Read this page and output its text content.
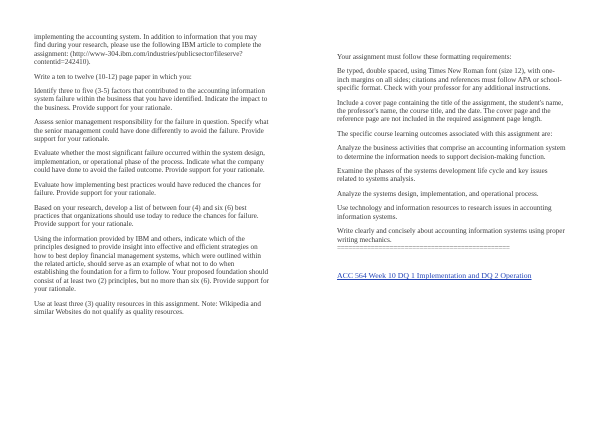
implementing the accounting system. In addition to information that you may find during your research, please use the following IBM article to complete the assignment: (http://www-304.ibm.com/industries/publicsector/fileserve?contentid=242410).

Write a ten to twelve (10-12) page paper in which you:

Identify three to five (3-5) factors that contributed to the accounting information system failure within the business that you have identified. Indicate the impact to the business. Provide support for your rationale.

Assess senior management responsibility for the failure in question. Specify what the senior management could have done differently to avoid the failure. Provide support for your rationale.

Evaluate whether the most significant failure occurred within the system design, implementation, or operational phase of the process. Indicate what the company could have done to avoid the failed outcome. Provide support for your rationale.

Evaluate how implementing best practices would have reduced the chances for failure. Provide support for your rationale.

Based on your research, develop a list of between four (4) and six (6) best practices that organizations should use today to reduce the chances for failure. Provide support for your rationale.

Using the information provided by IBM and others, indicate which of the principles designed to provide insight into effective and efficient strategies on how to best deploy financial management systems, which were outlined within the related article, should serve as an example of what not to do when establishing the foundation for a firm to follow. Your proposed foundation should consist of at least two (2) principles, but no more than six (6). Provide support for your rationale.

Use at least three (3) quality resources in this assignment. Note: Wikipedia and similar Websites do not qualify as quality resources.

Your assignment must follow these formatting requirements:

Be typed, double spaced, using Times New Roman font (size 12), with one-inch margins on all sides; citations and references must follow APA or school-specific format. Check with your professor for any additional instructions.

Include a cover page containing the title of the assignment, the student's name, the professor's name, the course title, and the date. The cover page and the reference page are not included in the required assignment page length.

The specific course learning outcomes associated with this assignment are:

Analyze the business activities that comprise an accounting information system to determine the information needs to support decision-making function.

Examine the phases of the systems development life cycle and key issues related to systems analysis.

Analyze the systems design, implementation, and operational process.

Use technology and information resources to research issues in accounting information systems.

Write clearly and concisely about accounting information systems using proper writing mechanics.

==============================================

ACC 564 Week 10 DQ 1 Implementation and DQ 2 Operation
